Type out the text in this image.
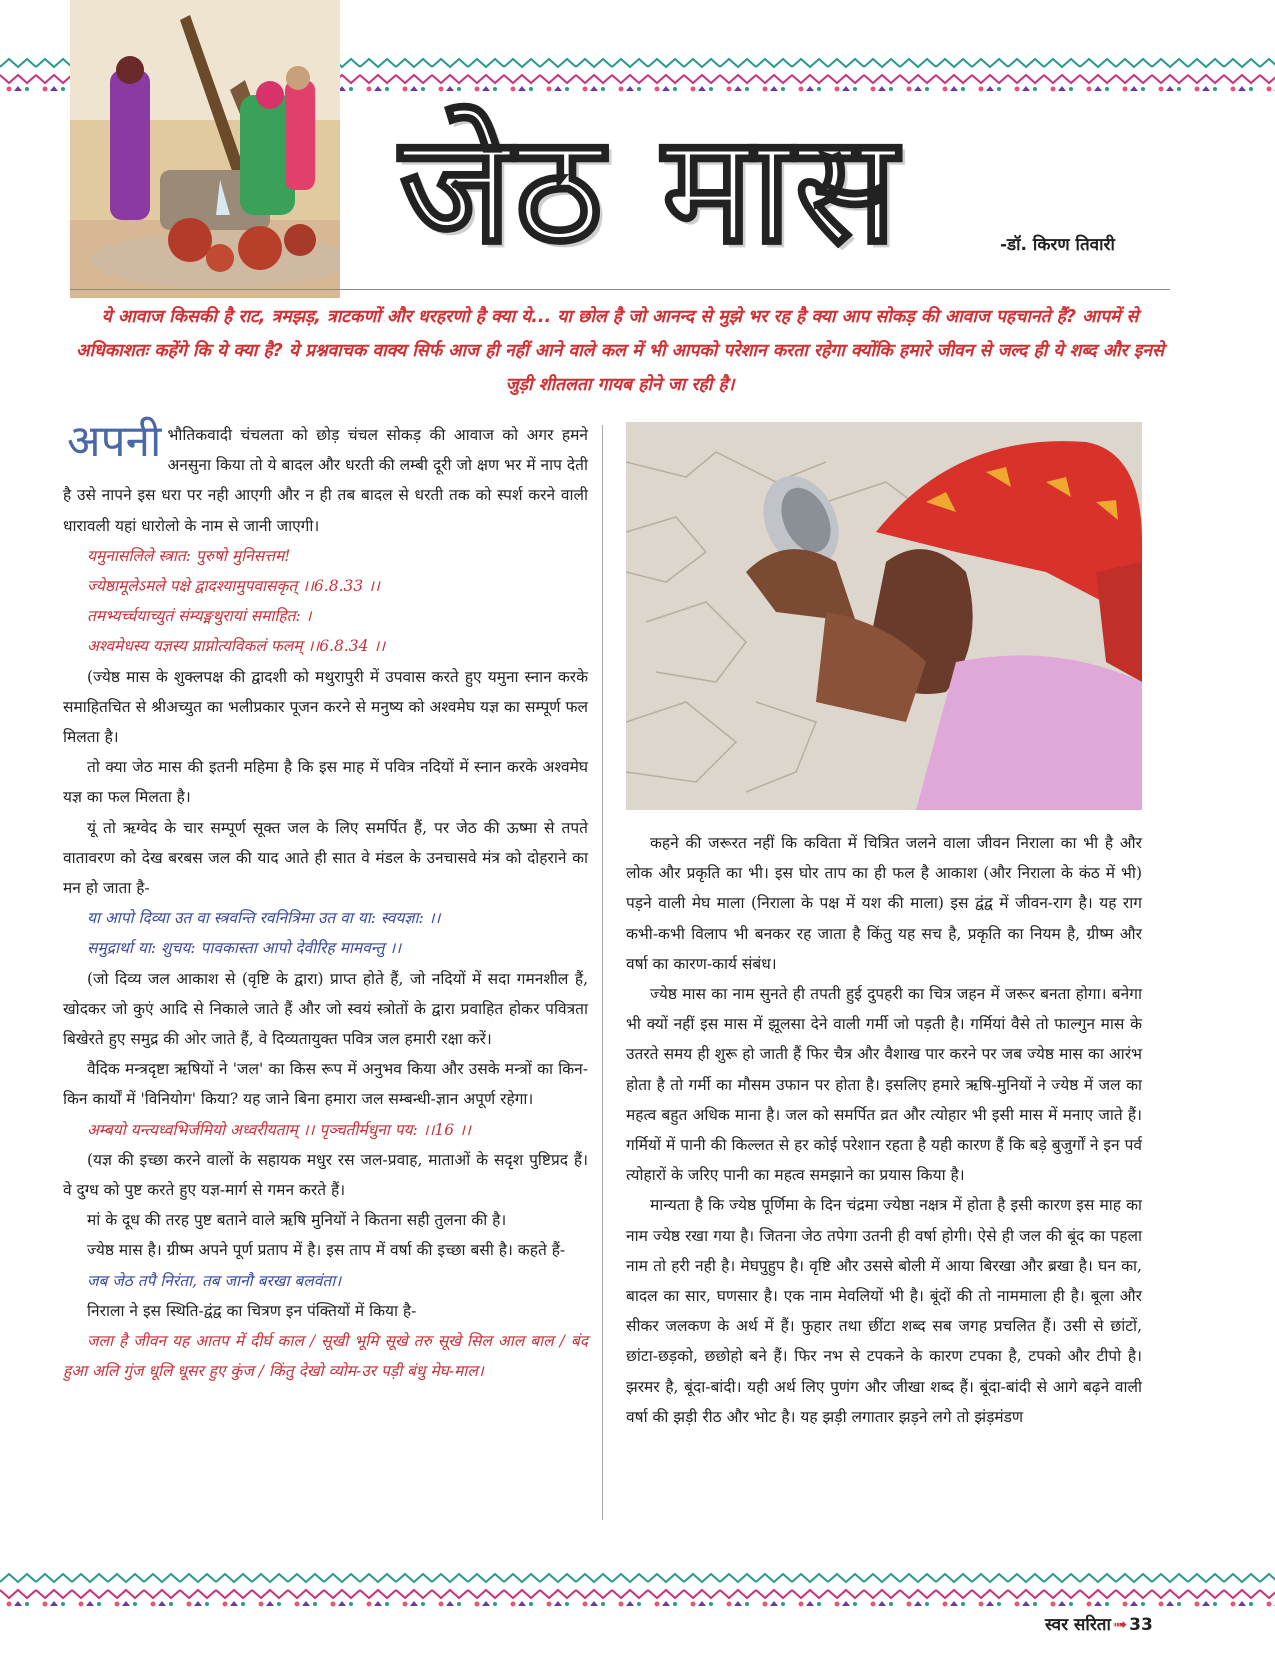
जेठ मास	-डॉ. किरण तिवारी
ये आवाज किसकी है राट, त्रमझड़, त्राटकणों और धरहरणो है क्या ये... या छोल है जो आनन्द से मुझे भर रह है क्या आप सोकड़ की आवाज पहचानते हैं? आपमें से अधिकाशतः कहेंगे कि ये क्या है? ये प्रश्नवाचक वाक्य सिर्फ आज ही नहीं आने वाले कल में भी आपको परेशान करता रहेगा क्योंकि हमारे जीवन से जल्द ही ये शब्द और इनसे जुड़ी शीतलता गायब होने जा रही है।

अपनी भौतिकवादी चंचलता को छोड़ चंचल सोकड़ की आवाज को अगर हमने अनसुना किया तो ये बादल और धरती की लम्बी दूरी जो क्षण भर में नाप देती है उसे नापने इस धरा पर नही आएगी और न ही तब बादल से धरती तक को स्पर्श करने वाली धारावली यहां धारोलो के नाम से जानी जाएगी।

यमुनासलिले स्त्रात: पुरुषो मुनिसत्तम!

ज्येष्ठामूलेऽमले पक्षे द्वादश्यामुपवासकृत् ।।6.8.33 ।।

तमभ्यर्च्चयाच्युतं संम्यङ्मथुरायां समाहित: ।

अश्वमेधस्य यज्ञस्य प्राप्नोत्यविकलं फलम् ।।6.8.34 ।।

(ज्येष्ठ मास के शुक्लपक्ष की द्वादशी को मथुरापुरी में उपवास करते हुए यमुना स्नान करके समाहितचित से श्रीअच्युत का भलीप्रकार पूजन करने से मनुष्य को अश्वमेघ यज्ञ का सम्पूर्ण फल मिलता है।

तो क्या जेठ मास की इतनी महिमा है कि इस माह में पवित्र नदियों में स्नान करके अश्वमेघ यज्ञ का फल मिलता है।

यूं तो ऋग्वेद के चार सम्पूर्ण सूक्त जल के लिए समर्पित हैं, पर जेठ की ऊष्मा से तपते वातावरण को देख बरबस जल की याद आते ही सात वे मंडल के उनचासवे मंत्र को दोहराने का मन हो जाता है-

या आपो दिव्या उत वा स्त्रवन्ति रवनित्रिमा उत वा या: स्वयज्ञा: ।।

समुद्रार्था या: शुचय: पावकास्ता आपो देवीरिह मामवन्तु ।।

(जो दिव्य जल आकाश से (वृष्टि के द्वारा) प्राप्त होते हैं, जो नदियों में सदा गमनशील हैं, खोदकर जो कुएं आदि से निकाले जाते हैं और जो स्वयं स्त्रोतों के द्वारा प्रवाहित होकर पवित्रता बिखेरते हुए समुद्र की ओर जाते हैं, वे दिव्यतायुक्त पवित्र जल हमारी रक्षा करें।

वैदिक मन्त्रदृष्टा ऋषियों ने 'जल' का किस रूप में अनुभव किया और उसके मन्त्रों का किन-किन कार्यों में 'विनियोग' किया? यह जाने बिना हमारा जल सम्बन्धी-ज्ञान अपूर्ण रहेगा।

अम्बयो यन्त्यध्वभिर्जमियो अध्वरीयताम् ।। पृञ्चतीर्मधुना पय: ।।16 ।।

(यज्ञ की इच्छा करने वालों के सहायक मधुर रस जल-प्रवाह, माताओं के सदृश पुष्टिप्रद हैं। वे दुग्ध को पुष्ट करते हुए यज्ञ-मार्ग से गमन करते हैं।

मां के दूध की तरह पुष्ट बताने वाले ऋषि मुनियों ने कितना सही तुलना की है।

ज्येष्ठ मास है। ग्रीष्म अपने पूर्ण प्रताप में है। इस ताप में वर्षा की इच्छा बसी है। कहते हैं-

जब जेठ तपै निरंता, तब जानौ बरखा बलवंता।

निराला ने इस स्थिति-द्वंद्व का चित्रण इन पंक्तियों में किया है-

जला है जीवन यह आतप में दीर्घ काल / सूखी भूमि सूखे तरु सूखे सिल आल बाल / बंद हुआ अलि गुंज धूलि धूसर हुए कुंज / किंतु देखो व्योम-उर पड़ी बंधु मेघ-माल।

कहने की जरूरत नहीं कि कविता में चित्रित जलने वाला जीवन निराला का भी है और लोक और प्रकृति का भी। इस घोर ताप का ही फल है आकाश (और निराला के कंठ में भी) पड़ने वाली मेघ माला (निराला के पक्ष में यश की माला) इस द्वंद्व में जीवन-राग है। यह राग कभी-कभी विलाप भी बनकर रह जाता है किंतु यह सच है, प्रकृति का नियम है, ग्रीष्म और वर्षा का कारण-कार्य संबंध।

ज्येष्ठ मास का नाम सुनते ही तपती हुई दुपहरी का चित्र जहन में जरूर बनता होगा। बनेगा भी क्यों नहीं इस मास में झूलसा देने वाली गर्मी जो पड़ती है। गर्मियां वैसे तो फाल्गुन मास के उतरते समय ही शुरू हो जाती हैं फिर चैत्र और वैशाख पार करने पर जब ज्येष्ठ मास का आरंभ होता है तो गर्मी का मौसम उफान पर होता है। इसलिए हमारे ऋषि-मुनियों ने ज्येष्ठ में जल का महत्व बहुत अधिक माना है। जल को समर्पित व्रत और त्योहार भी इसी मास में मनाए जाते हैं। गर्मियों में पानी की किल्लत से हर कोई परेशान रहता है यही कारण हैं कि बड़े बुजुर्गों ने इन पर्व त्योहारों के जरिए पानी का महत्व समझाने का प्रयास किया है।

मान्यता है कि ज्येष्ठ पूर्णिमा के दिन चंद्रमा ज्येष्ठा नक्षत्र में होता है इसी कारण इस माह का नाम ज्येष्ठ रखा गया है। जितना जेठ तपेगा उतनी ही वर्षा होगी। ऐसे ही जल की बूंद का पहला नाम तो हरी नही है। मेघपुहुप है। वृष्टि और उससे बोली में आया बिरखा और ब्रखा है। घन का, बादल का सार, घणसार है। एक नाम मेवलियों भी है। बूंदों की तो नाममाला ही है। बूला और सीकर जलकण के अर्थ में हैं। फुहार तथा छींटा शब्द सब जगह प्रचलित हैं। उसी से छांटों, छांटा-छड़को, छछोहो बने हैं। फिर नभ से टपकने के कारण टपका है, टपको और टीपो है। झरमर है, बूंदा-बांदी। यही अर्थ लिए पुणंग और जीखा शब्द हैं। बूंदा-बांदी से आगे बढ़ने वाली वर्षा की झड़ी रीठ और भोट है। यह झड़ी लगातार झड़ने लगे तो झंड़मंडण

स्वर सरिता ➟ 33
